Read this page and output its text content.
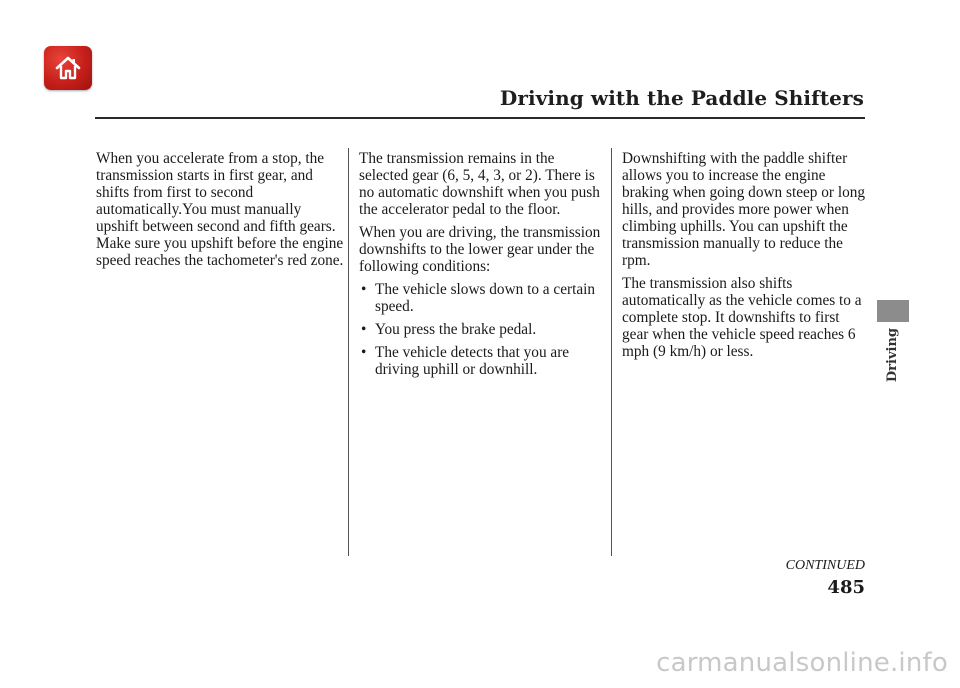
Driving with the Paddle Shifters

When you accelerate from a stop, the transmission starts in first gear, and shifts from first to second automatically.You must manually upshift between second and fifth gears. Make sure you upshift before the engine speed reaches the tachometer's red zone.

The transmission remains in the selected gear (6, 5, 4, 3, or 2). There is no automatic downshift when you push the accelerator pedal to the floor.

When you are driving, the transmission downshifts to the lower gear under the following conditions:

• The vehicle slows down to a certain speed.
• You press the brake pedal.
• The vehicle detects that you are driving uphill or downhill.

Downshifting with the paddle shifter allows you to increase the engine braking when going down steep or long hills, and provides more power when climbing uphills. You can upshift the transmission manually to reduce the rpm.

The transmission also shifts automatically as the vehicle comes to a complete stop. It downshifts to first gear when the vehicle speed reaches 6 mph (9 km/h) or less.	Driving
CONTINUED
485
carmanualsonline.info
